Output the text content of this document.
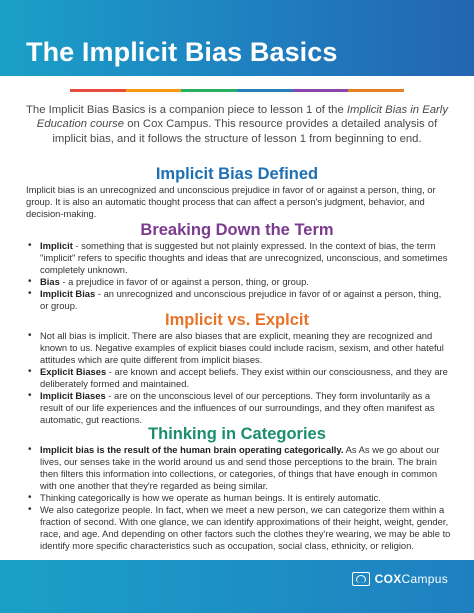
The Implicit Bias Basics
The Implicit Bias Basics is a companion piece to lesson 1 of the Implicit Bias in Early Education course on Cox Campus. This resource provides a detailed analysis of implicit bias, and it follows the structure of lesson 1 from beginning to end.
Implicit Bias Defined
Implicit bias is an unrecognized and unconscious prejudice in favor of or against a person, thing, or group. It is also an automatic thought process that can affect a person's judgment, behavior, and decision-making.
Breaking Down the Term
• Implicit - something that is suggested but not plainly expressed. In the context of bias, the term "implicit" refers to specific thoughts and ideas that are unrecognized, unconscious, and sometimes completely unknown.
• Bias - a prejudice in favor of or against a person, thing, or group.
• Implicit Bias - an unrecognized and unconscious prejudice in favor of or against a person, thing, or group.
Implicit vs. Explcit
• Not all bias is implicit. There are also biases that are explicit, meaning they are recognized and known to us. Negative examples of explicit biases could include racism, sexism, and other hateful attitudes which are quite different from implicit biases.
• Explicit Biases - are known and accept beliefs. They exist within our consciousness, and they are deliberately formed and maintained.
• Implicit Biases - are on the unconscious level of our perceptions. They form involuntarily as a result of our life experiences and the influences of our surroundings, and they often manifest as automatic, gut reactions.
Thinking in Categories
• Implicit bias is the result of the human brain operating categorically. As As we go about our lives, our senses take in the world around us and send those perceptions to the brain. The brain then filters this information into collections, or categories, of things that have enough in common with one another that they're regarded as being similar.
• Thinking categorically is how we operate as human beings. It is entirely automatic.
• We also categorize people. In fact, when we meet a new person, we can categorize them within a fraction of second. With one glance, we can identify approximations of their height, weight, gender, race, and age. And depending on other factors such the clothes they're wearing, we may be able to identify more specific characteristics such as occupation, social class, ethnicity, or religion.
COXCampus
